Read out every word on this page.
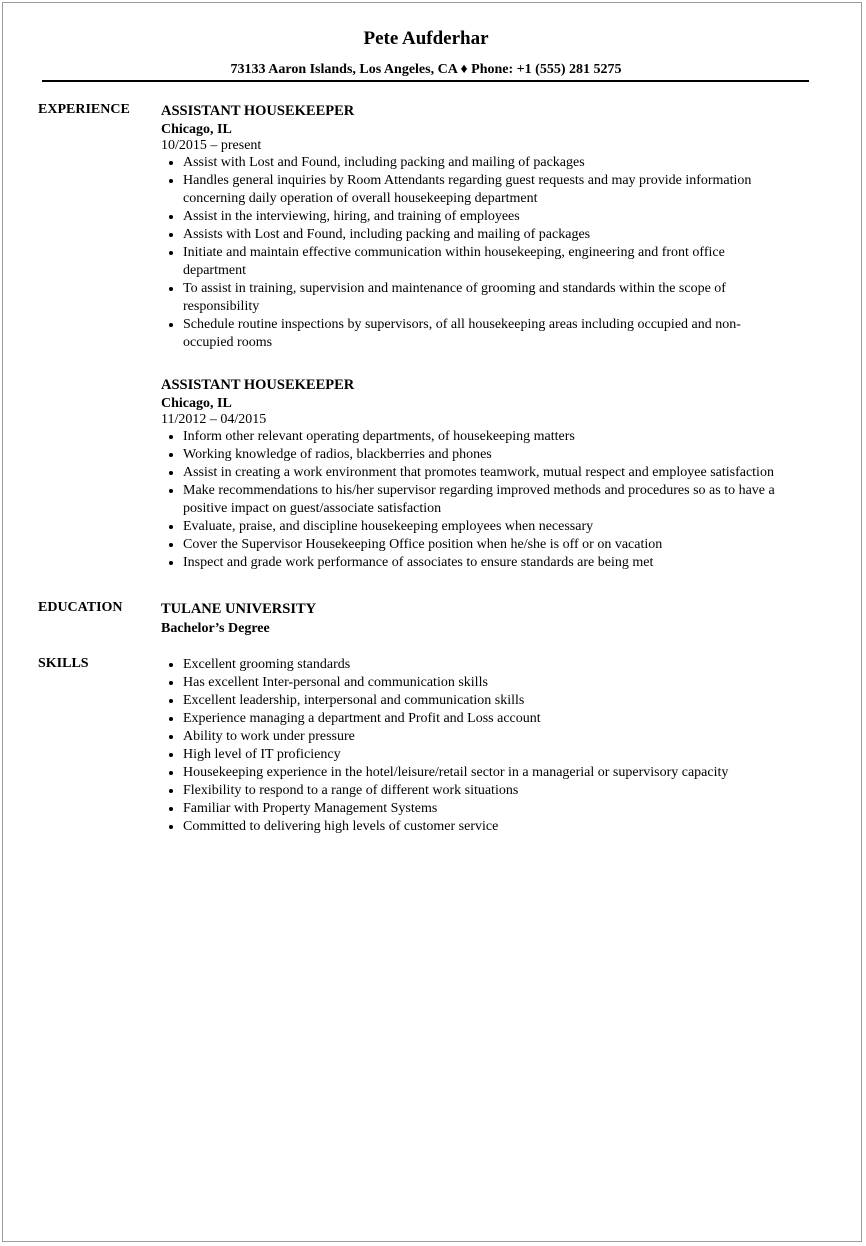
Pete Aufderhar
73133 Aaron Islands, Los Angeles, CA ♦ Phone: +1 (555) 281 5275
EXPERIENCE ASSISTANT HOUSEKEEPER
Chicago, IL
10/2015 – present
Assist with Lost and Found, including packing and mailing of packages
Handles general inquiries by Room Attendants regarding guest requests and may provide information concerning daily operation of overall housekeeping department
Assist in the interviewing, hiring, and training of employees
Assists with Lost and Found, including packing and mailing of packages
Initiate and maintain effective communication within housekeeping, engineering and front office department
To assist in training, supervision and maintenance of grooming and standards within the scope of responsibility
Schedule routine inspections by supervisors, of all housekeeping areas including occupied and non-occupied rooms
ASSISTANT HOUSEKEEPER
Chicago, IL
11/2012 – 04/2015
Inform other relevant operating departments, of housekeeping matters
Working knowledge of radios, blackberries and phones
Assist in creating a work environment that promotes teamwork, mutual respect and employee satisfaction
Make recommendations to his/her supervisor regarding improved methods and procedures so as to have a positive impact on guest/associate satisfaction
Evaluate, praise, and discipline housekeeping employees when necessary
Cover the Supervisor Housekeeping Office position when he/she is off or on vacation
Inspect and grade work performance of associates to ensure standards are being met
EDUCATION	TULANE UNIVERSITY
Bachelor’s Degree
SKILLS	Excellent grooming standards
Has excellent Inter-personal and communication skills
Excellent leadership, interpersonal and communication skills
Experience managing a department and Profit and Loss account
Ability to work under pressure
High level of IT proficiency
Housekeeping experience in the hotel/leisure/retail sector in a managerial or supervisory capacity
Flexibility to respond to a range of different work situations
Familiar with Property Management Systems
Committed to delivering high levels of customer service
